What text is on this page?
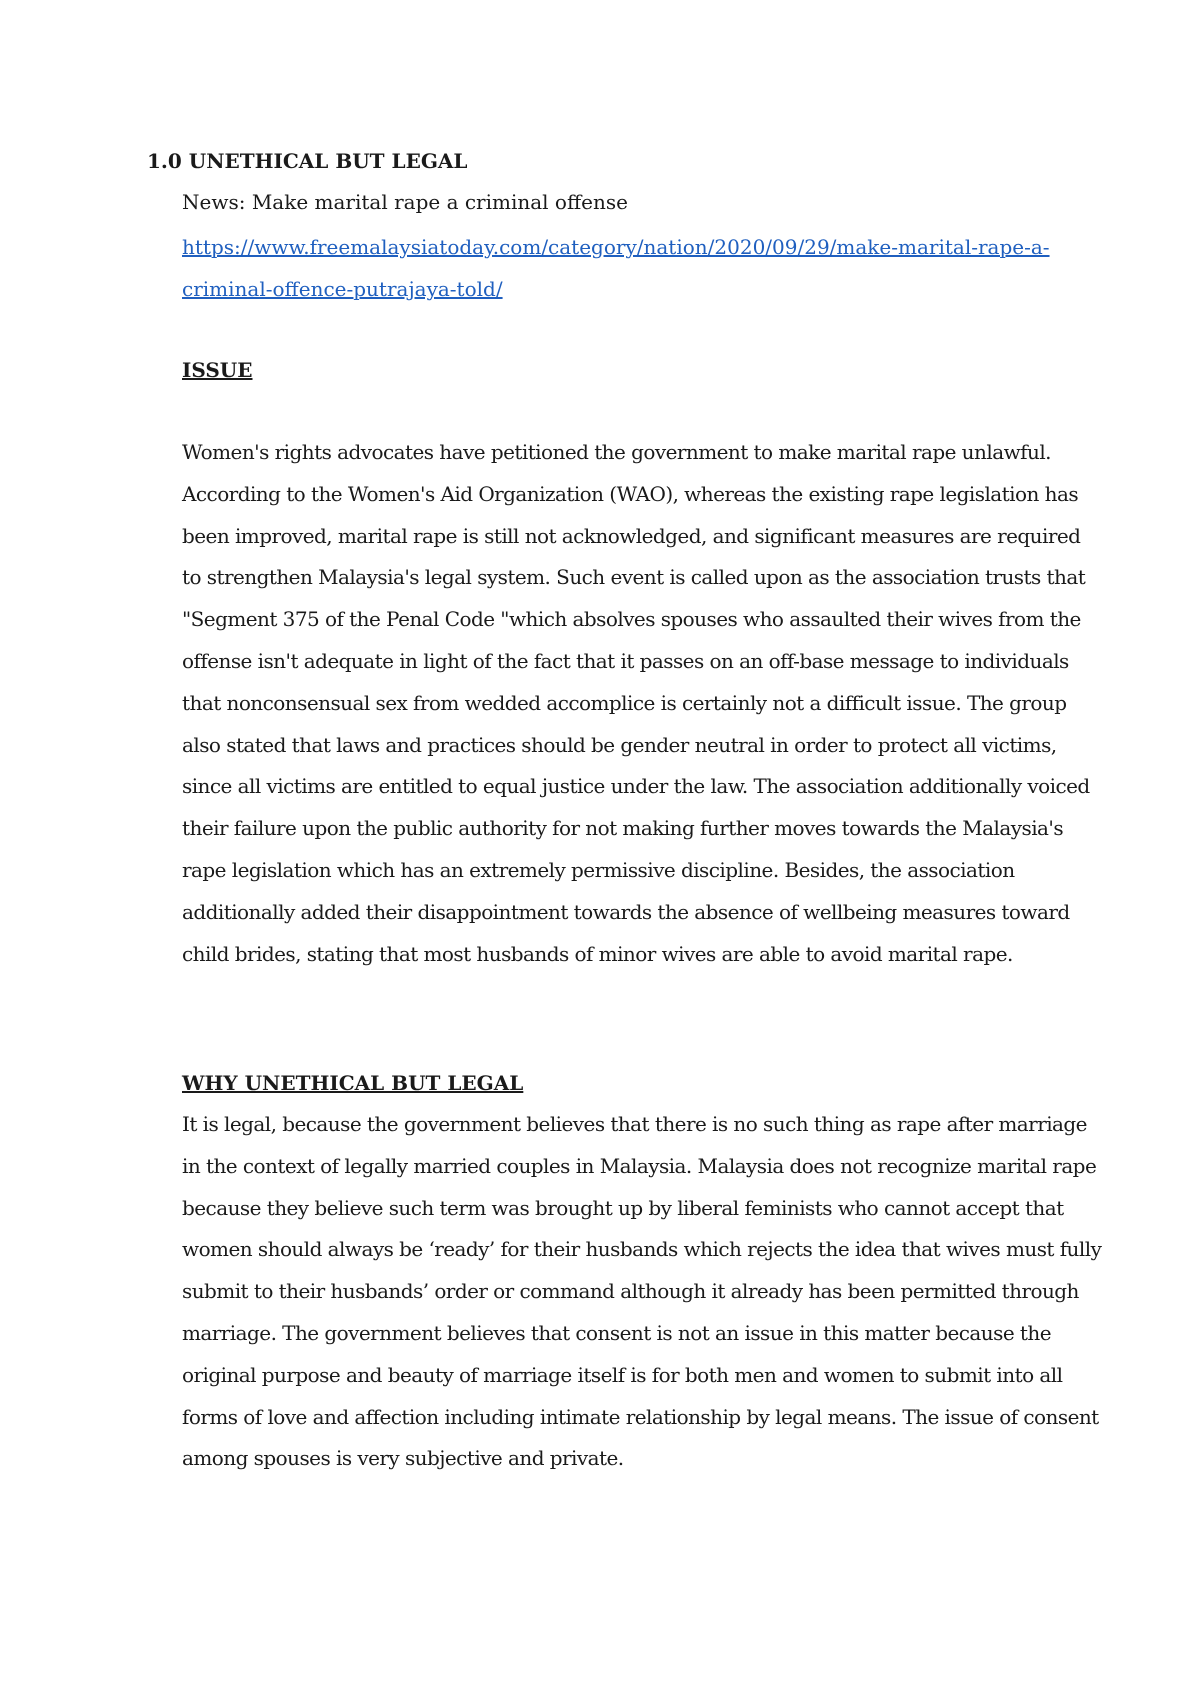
1.0 UNETHICAL BUT LEGAL
News: Make marital rape a criminal offense
https://www.freemalaysiatoday.com/category/nation/2020/09/29/make-marital-rape-a-criminal-offence-putrajaya-told/
ISSUE
Women's rights advocates have petitioned the government to make marital rape unlawful. According to the Women's Aid Organization (WAO), whereas the existing rape legislation has been improved, marital rape is still not acknowledged, and significant measures are required to strengthen Malaysia's legal system. Such event is called upon as the association trusts that "Segment 375 of the Penal Code "which absolves spouses who assaulted their wives from the offense isn't adequate in light of the fact that it passes on an off-base message to individuals that nonconsensual sex from wedded accomplice is certainly not a difficult issue. The group also stated that laws and practices should be gender neutral in order to protect all victims, since all victims are entitled to equal justice under the law. The association additionally voiced their failure upon the public authority for not making further moves towards the Malaysia's rape legislation which has an extremely permissive discipline. Besides, the association additionally added their disappointment towards the absence of wellbeing measures toward child brides, stating that most husbands of minor wives are able to avoid marital rape.
WHY UNETHICAL BUT LEGAL
It is legal, because the government believes that there is no such thing as rape after marriage in the context of legally married couples in Malaysia. Malaysia does not recognize marital rape because they believe such term was brought up by liberal feminists who cannot accept that women should always be ‘ready’ for their husbands which rejects the idea that wives must fully submit to their husbands’ order or command although it already has been permitted through marriage. The government believes that consent is not an issue in this matter because the original purpose and beauty of marriage itself is for both men and women to submit into all forms of love and affection including intimate relationship by legal means. The issue of consent among spouses is very subjective and private.
